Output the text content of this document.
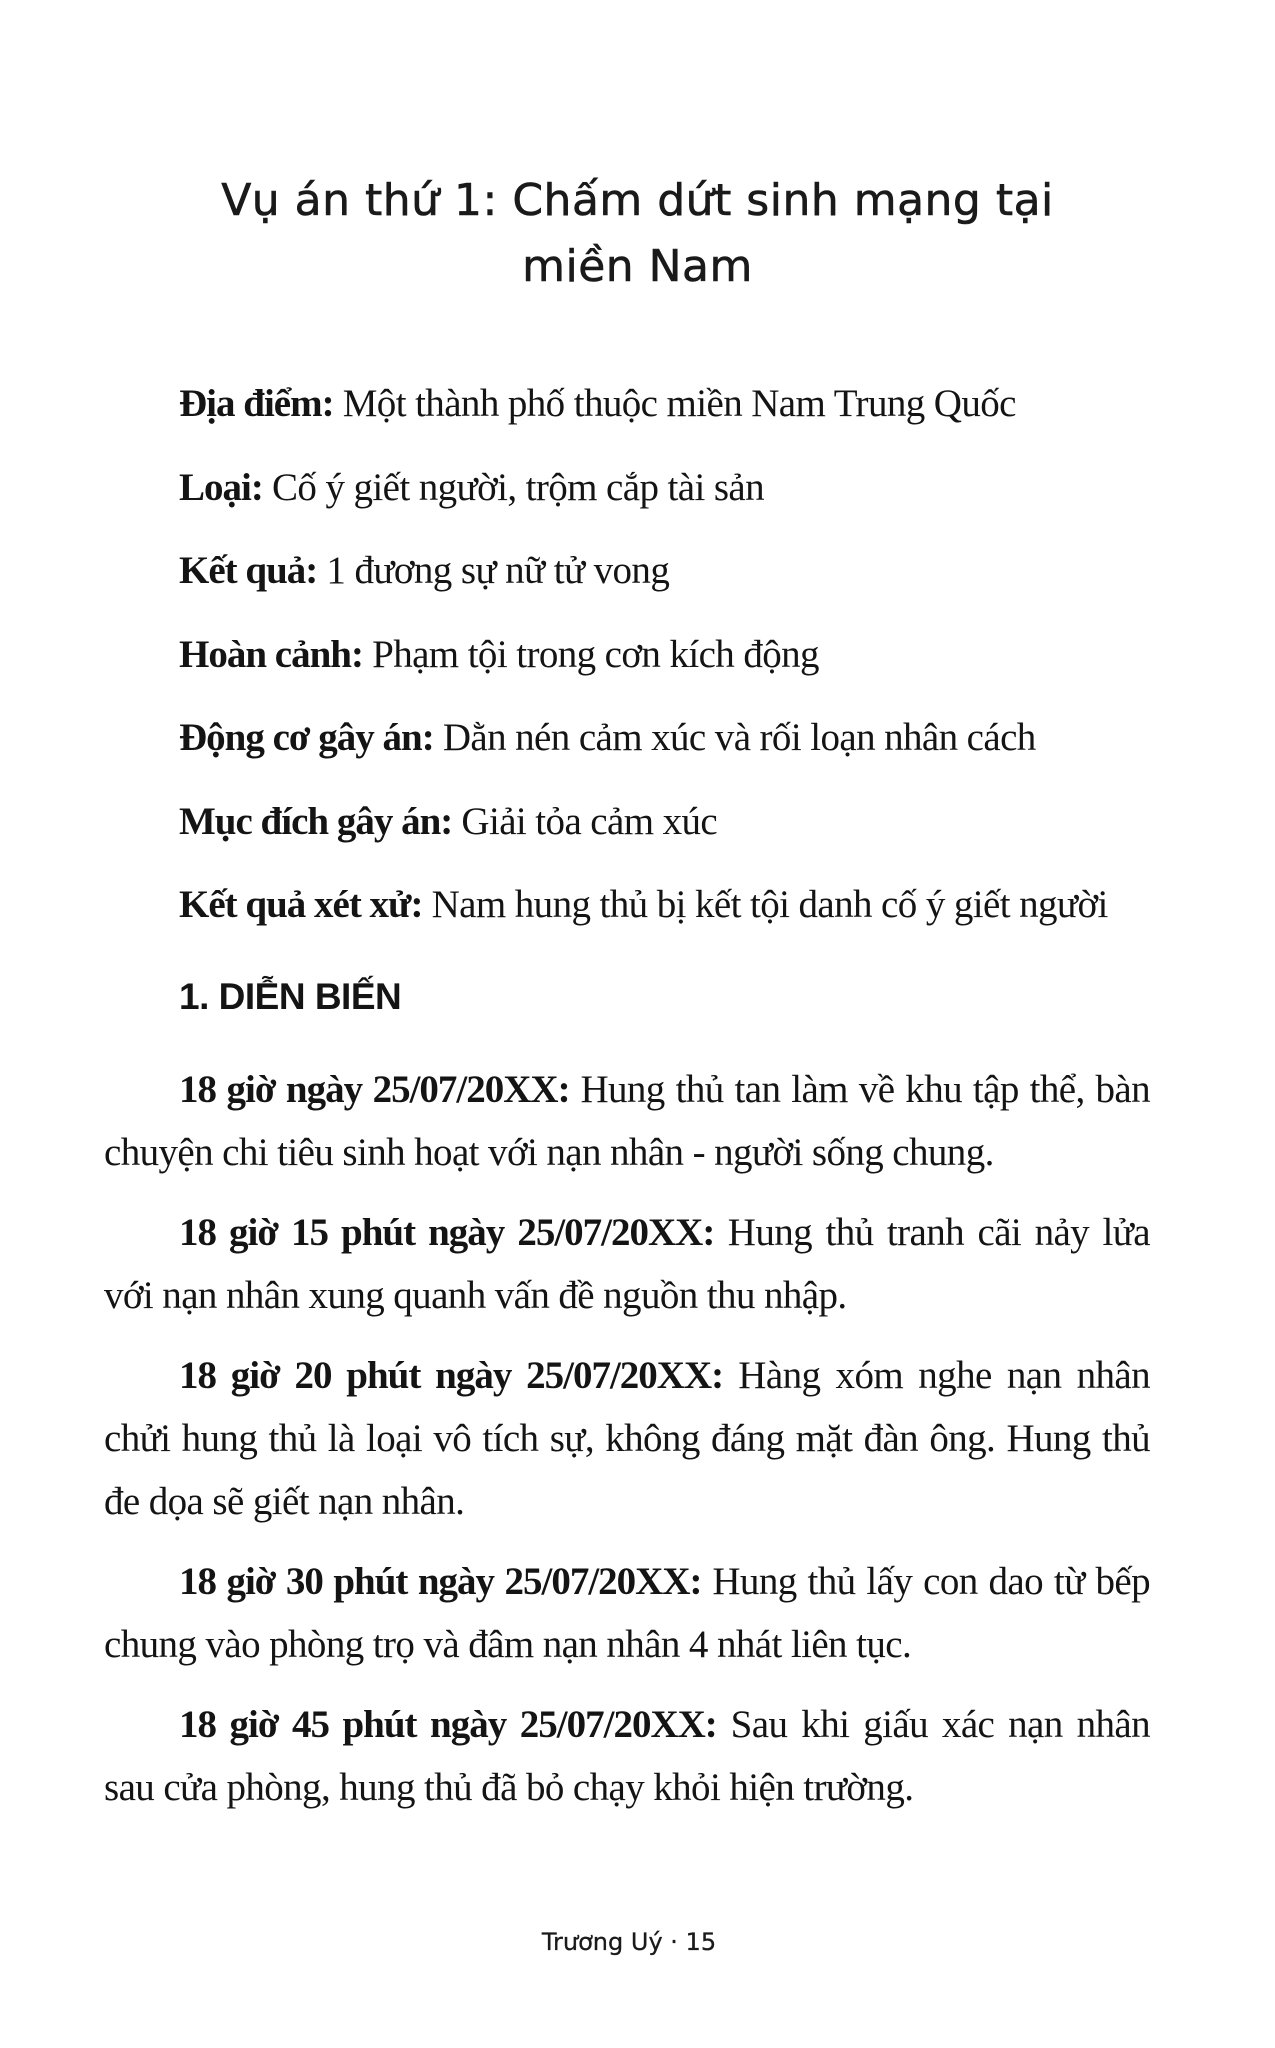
Vụ án thứ 1: Chấm dứt sinh mạng tại
miền Nam
Địa điểm: Một thành phố thuộc miền Nam Trung Quốc
Loại: Cố ý giết người, trộm cắp tài sản
Kết quả: 1 đương sự nữ tử vong
Hoàn cảnh: Phạm tội trong cơn kích động
Động cơ gây án: Dằn nén cảm xúc và rối loạn nhân cách
Mục đích gây án: Giải tỏa cảm xúc
Kết quả xét xử: Nam hung thủ bị kết tội danh cố ý giết người
1. DIỄN BIẾN

18 giờ ngày 25/07/20XX: Hung thủ tan làm về khu tập thể, bàn chuyện chi tiêu sinh hoạt với nạn nhân - người sống chung.

18 giờ 15 phút ngày 25/07/20XX: Hung thủ tranh cãi nảy lửa với nạn nhân xung quanh vấn đề nguồn thu nhập.

18 giờ 20 phút ngày 25/07/20XX: Hàng xóm nghe nạn nhân chửi hung thủ là loại vô tích sự, không đáng mặt đàn ông. Hung thủ đe dọa sẽ giết nạn nhân.

18 giờ 30 phút ngày 25/07/20XX: Hung thủ lấy con dao từ bếp chung vào phòng trọ và đâm nạn nhân 4 nhát liên tục.

18 giờ 45 phút ngày 25/07/20XX: Sau khi giấu xác nạn nhân sau cửa phòng, hung thủ đã bỏ chạy khỏi hiện trường.

Trương Uý · 15
